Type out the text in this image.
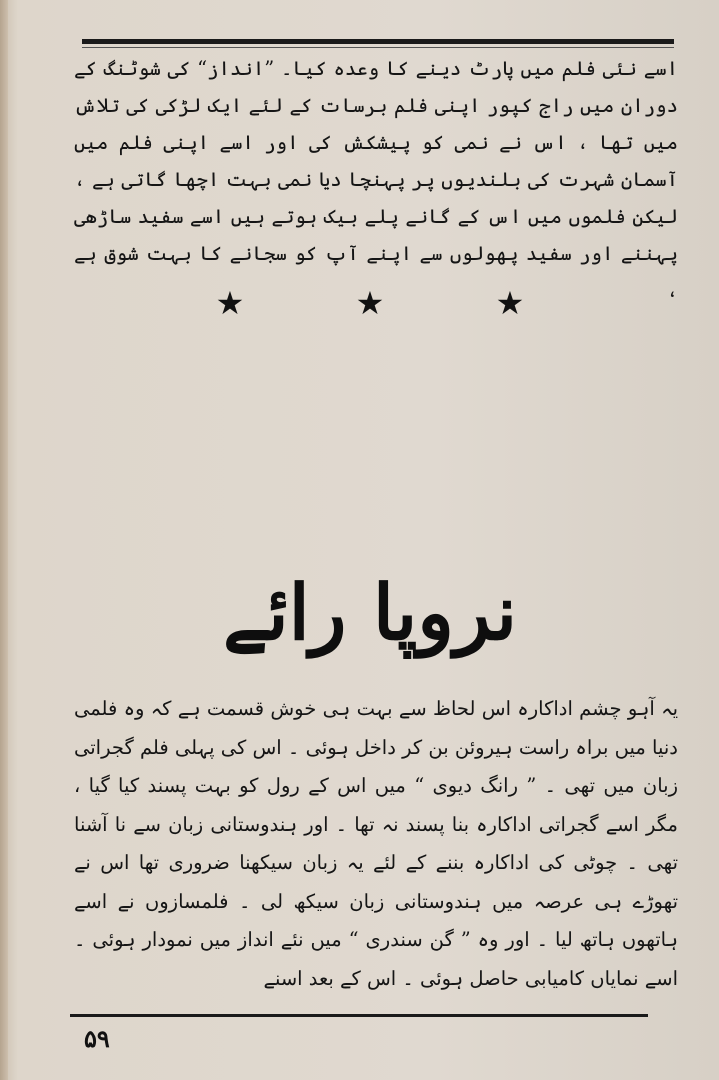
اسے نئی فلم میں پارٹ دینے کا وعدہ کیا۔ ”انداز“ کی شوٹنگ کے دوران میں راج کپور اپنی فلم برسات کے لئے ایک لڑکی کی تلاش میں تھا ، اس نے نمی کو پیشکش کی اور اسے اپنی فلم میں آسمان شہرت کی بلندیوں پر پہنچا دیا نمی بہت اچھا گاتی ہے ، لیکن فلموں میں اس کے گانے پلے بیک ہوتے ہیں اسے سفید ساڑھی پہننے اور سفید پھولوں سے اپنے آپ کو سجانے کا بہت شوق ہے ،

★	★	★
نروپا رائے

یہ آہو چشم اداکارہ اس لحاظ سے بہت ہی خوش قسمت ہے کہ وہ فلمی دنیا میں براہ راست ہیروئن بن کر داخل ہوئی ۔ اس کی پہلی فلم گجراتی زبان میں تھی ۔ ” رانگ دیوی “ میں اس کے رول کو بہت پسند کیا گیا ، مگر اسے گجراتی اداکارہ بنا پسند نہ تھا ۔ اور ہندوستانی زبان سے نا آشنا تھی ۔ چوٹی کی اداکارہ بننے کے لئے یہ زبان سیکھنا ضروری تھا اس نے تھوڑے ہی عرصہ میں ہندوستانی زبان سیکھ لی ۔ فلمسازوں نے اسے ہاتھوں ہاتھ لیا ۔ اور وہ ” گن سندری “ میں نئے انداز میں نمودار ہوئی ۔ اسے نمایاں کامیابی حاصل ہوئی ۔ اس کے بعد اسنے

۵۹
